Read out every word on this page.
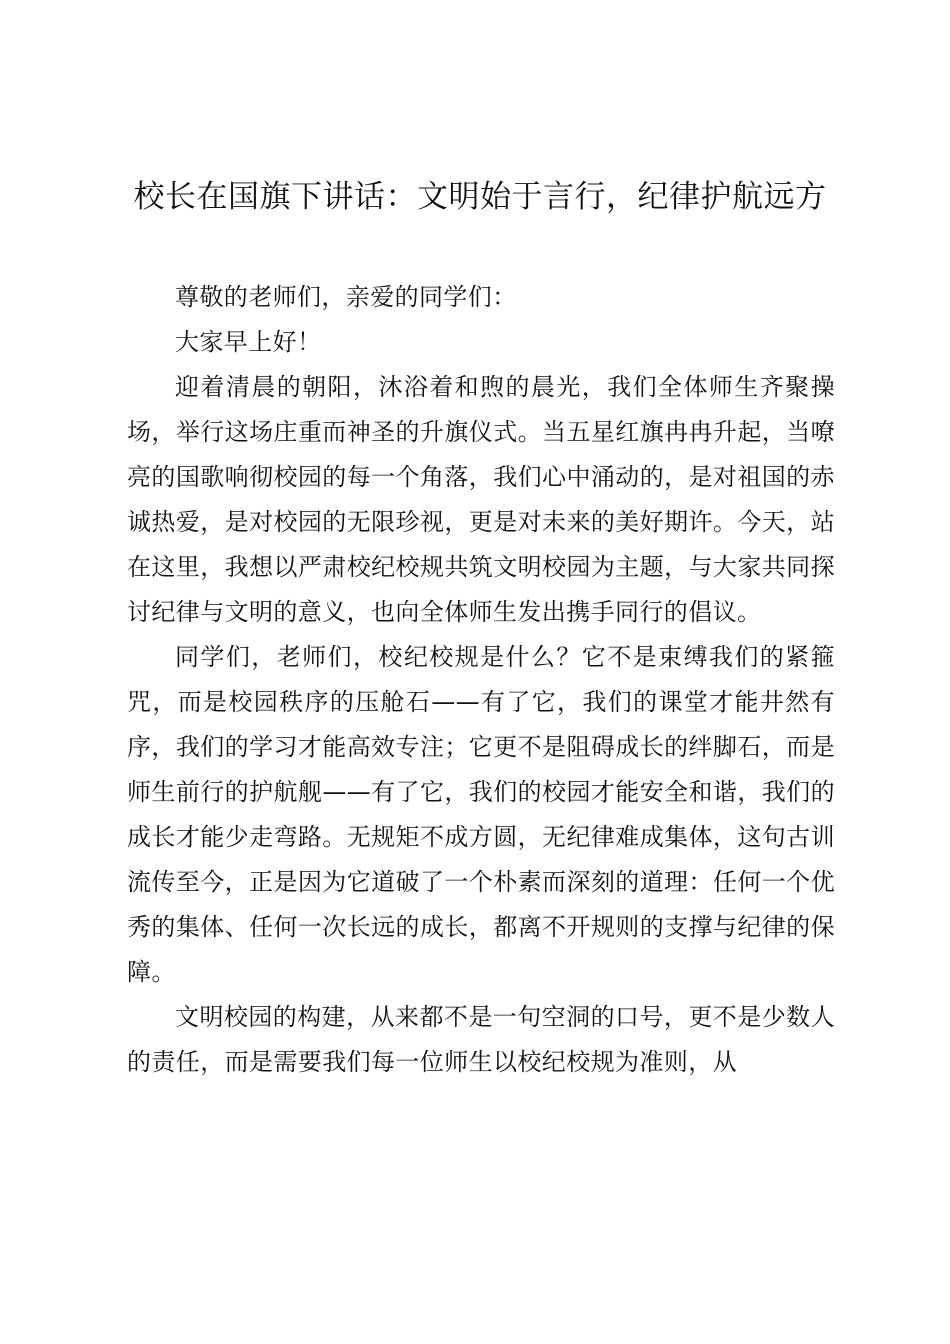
校长在国旗下讲话：文明始于言行，纪律护航远方

尊敬的老师们，亲爱的同学们：

大家早上好！

迎着清晨的朝阳，沐浴着和煦的晨光，我们全体师生齐聚操场，举行这场庄重而神圣的升旗仪式。当五星红旗冉冉升起，当嘹亮的国歌响彻校园的每一个角落，我们心中涌动的，是对祖国的赤诚热爱，是对校园的无限珍视，更是对未来的美好期许。今天，站在这里，我想以严肃校纪校规共筑文明校园为主题，与大家共同探讨纪律与文明的意义，也向全体师生发出携手同行的倡议。

同学们，老师们，校纪校规是什么？它不是束缚我们的紧箍咒，而是校园秩序的压舱石——有了它，我们的课堂才能井然有序，我们的学习才能高效专注；它更不是阻碍成长的绊脚石，而是师生前行的护航舰——有了它，我们的校园才能安全和谐，我们的成长才能少走弯路。无规矩不成方圆，无纪律难成集体，这句古训流传至今，正是因为它道破了一个朴素而深刻的道理：任何一个优秀的集体、任何一次长远的成长，都离不开规则的支撑与纪律的保障。

文明校园的构建，从来都不是一句空洞的口号，更不是少数人的责任，而是需要我们每一位师生以校纪校规为准则，从
